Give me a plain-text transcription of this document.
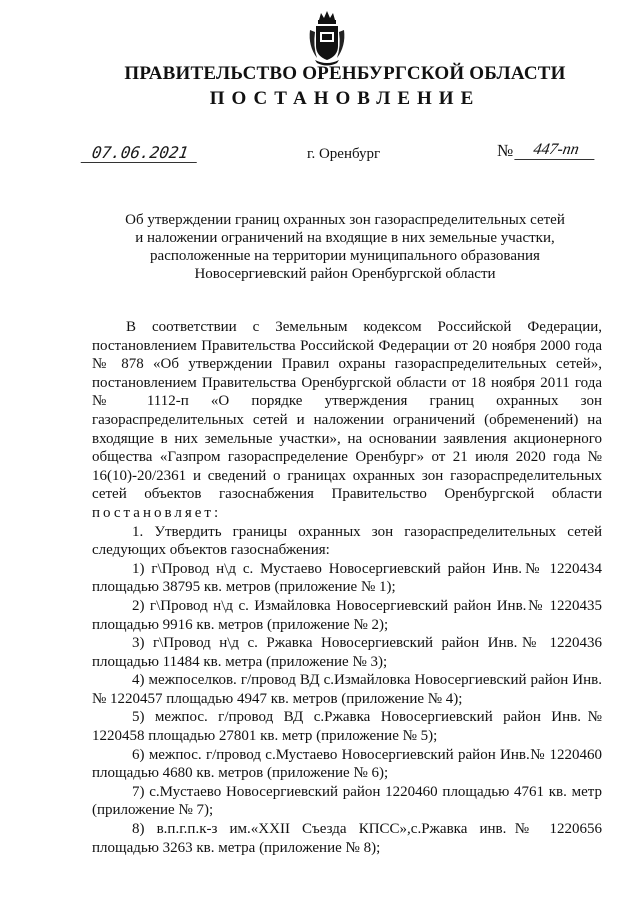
ПРАВИТЕЛЬСТВО ОРЕНБУРГСКОЙ ОБЛАСТИ
ПОСТАНОВЛЕНИЕ
07.06.2021	г. Оренбург	№	447-пп
Об утверждении границ охранных зон газораспределительных сетей
и наложении ограничений на входящие в них земельные участки,
расположенные на территории муниципального образования
Новосергиевский район Оренбургской области

В соответствии с Земельным кодексом Российской Федерации, постановлением Правительства Российской Федерации от 20 ноября 2000 года № 878 «Об утверждении Правил охраны газораспределительных сетей», постановлением Правительства Оренбургской области от 18 ноября 2011 года № 1112-п «О порядке утверждения границ охранных зон газораспределительных сетей и наложении ограничений (обременений) на входящие в них земельные участки», на основании заявления акционерного общества «Газпром газораспределение Оренбург» от 21 июля 2020 года № 16(10)-20/2361 и сведений о границах охранных зон газораспределительных сетей объектов газоснабжения Правительство Оренбургской области постановляет:

1. Утвердить границы охранных зон газораспределительных сетей следующих объектов газоснабжения:

1) г\Провод н\д с. Мустаево Новосергиевский район Инв.№ 1220434 площадью 38795 кв. метров (приложение № 1);

2) г\Провод н\д с. Измайловка Новосергиевский район Инв.№ 1220435 площадью 9916 кв. метров (приложение № 2);

3) г\Провод н\д с. Ржавка Новосергиевский район Инв.№ 1220436 площадью 11484 кв. метра (приложение № 3);

4) межпоселков. г/провод ВД с.Измайловка Новосергиевский район Инв.№ 1220457 площадью 4947 кв. метров (приложение № 4);

5) межпос. г/провод ВД с.Ржавка Новосергиевский район Инв.№ 1220458 площадью 27801 кв. метр (приложение № 5);

6) межпос. г/провод с.Мустаево Новосергиевский район Инв.№ 1220460 площадью 4680 кв. метров (приложение № 6);

7) с.Мустаево Новосергиевский район 1220460 площадью 4761 кв. метр (приложение № 7);

8) в.п.г.п.к-з им.«XXII Съезда КПСС»,с.Ржавка инв.№ 1220656 площадью 3263 кв. метра (приложение № 8);
